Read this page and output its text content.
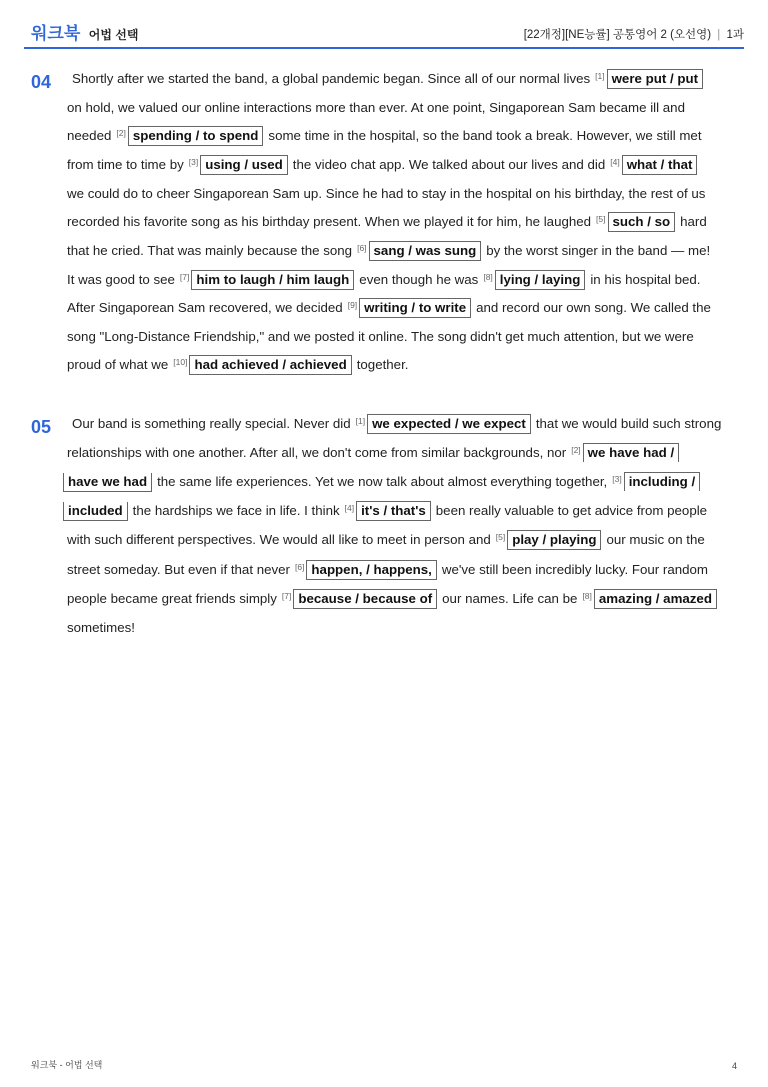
워크북 어법 선택	[22개정][NE능률] 공통영어 2 (오선영) | 1과
04 Shortly after we started the band, a global pandemic began. Since all of our normal lives [1] were put / put
on hold, we valued our online interactions more than ever. At one point, Singaporean Sam became ill and
needed [2] spending / to spend some time in the hospital, so the band took a break. However, we still met
from time to time by [3] using / used the video chat app. We talked about our lives and did [4] what / that
we could do to cheer Singaporean Sam up. Since he had to stay in the hospital on his birthday, the rest of us
recorded his favorite song as his birthday present. When we played it for him, he laughed [5] such / so hard
that he cried. That was mainly because the song [6] sang / was sung by the worst singer in the band — me!
It was good to see [7] him to laugh / him laugh even though he was [8] lying / laying in his hospital bed.
After Singaporean Sam recovered, we decided [9] writing / to write and record our own song. We called the
song "Long-Distance Friendship," and we posted it online. The song didn't get much attention, but we were
proud of what we [10] had achieved / achieved together.
05 Our band is something really special. Never did [1] we expected / we expect that we would build such strong
relationships with one another. After all, we don't come from similar backgrounds, nor [2] we have had /
have we had the same life experiences. Yet we now talk about almost everything together, [3] including /
included the hardships we face in life. I think [4] it's / that's been really valuable to get advice from people
with such different perspectives. We would all like to meet in person and [5] play / playing our music on the
street someday. But even if that never [6] happen, / happens, we've still been incredibly lucky. Four random
people became great friends simply [7] because / because of our names. Life can be [8] amazing / amazed
sometimes!
워크북 - 어법 선택	4
